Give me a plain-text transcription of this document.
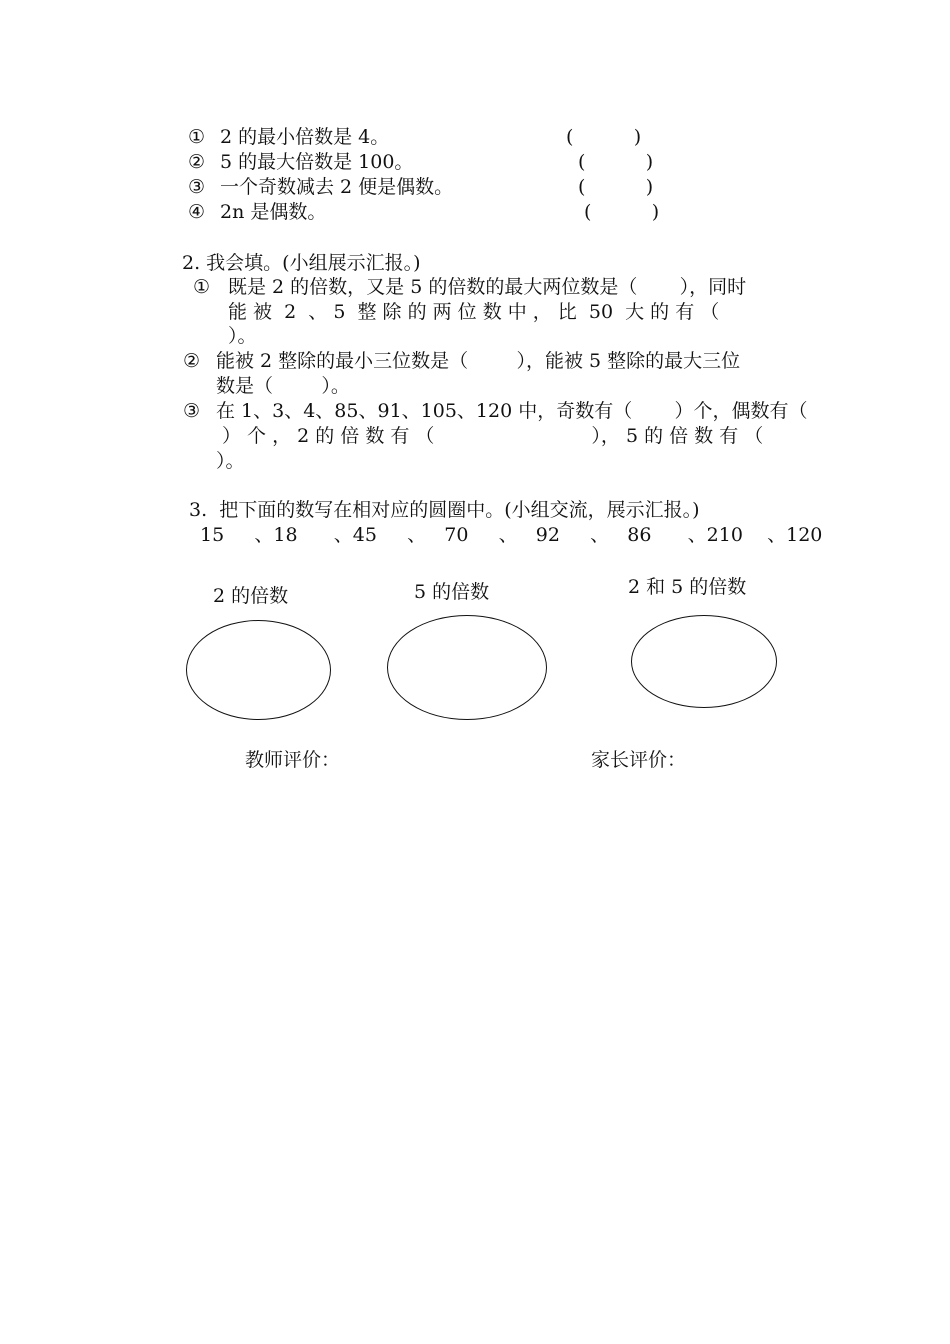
① 2 的最小倍数是 4。	(          )
② 5 的最大倍数是 100。	(          )
③ 一个奇数减去 2 便是偶数。	(          )
④ 2n 是偶数。	(          )
2. 我会填。(小组展示汇报。)
① 既是 2 的倍数，又是 5 的倍数的最大两位数是（       ），同时
能 被  2  、 5  整 除 的 两 位 数 中 ， 比  50  大 的 有 （
）。
② 能被 2 整除的最小三位数是（        ），能被 5 整除的最大三位
数是（        ）。
③ 在 1、3、4、85、91、105、120 中，奇数有（       ）个，偶数有（
） 个 ， 2 的 倍 数 有 （                          ）， 5 的 倍 数 有 （
）。
3.  把下面的数写在相对应的圆圈中。(小组交流，展示汇报。)
15     、18      、45     、   70     、   92     、   86      、210    、120
2 的倍数	5 的倍数	2 和 5 的倍数
教师评价：	家长评价：
